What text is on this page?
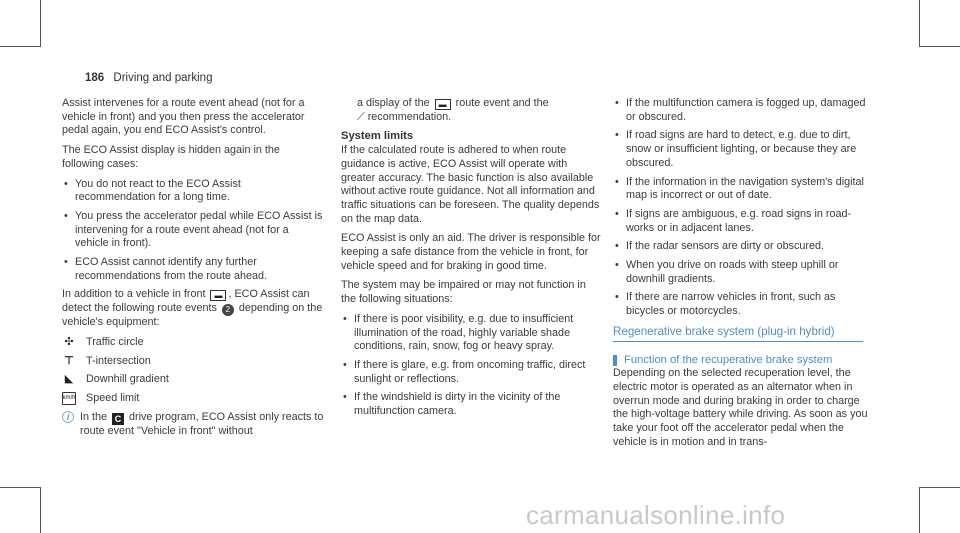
186 Driving and parking
Assist intervenes for a route event ahead (not for a vehicle in front) and you then press the accelerator pedal again, you end ECO Assist's control.
The ECO Assist display is hidden again in the following cases:
• You do not react to the ECO Assist recommendation for a long time.
• You press the accelerator pedal while ECO Assist is intervening for a route event ahead (not for a vehicle in front).
• ECO Assist cannot identify any further recommendations from the route ahead.
In addition to a vehicle in front ▬ , ECO Assist can detect the following route events 2 depending on the vehicle's equipment:
✣ Traffic circle
⊤ T-intersection
◣ Downhill gradient
km/h Speed limit
i In the C drive program, ECO Assist only reacts to route event "Vehicle in front" without
a display of the ▬ route event and the
⟋ recommendation.
System limits
If the calculated route is adhered to when route guidance is active, ECO Assist will operate with greater accuracy. The basic function is also available without active route guidance. Not all information and traffic situations can be foreseen. The quality depends on the map data.
ECO Assist is only an aid. The driver is responsible for keeping a safe distance from the vehicle in front, for vehicle speed and for braking in good time.
The system may be impaired or may not function in the following situations:
• If there is poor visibility, e.g. due to insufficient illumination of the road, highly variable shade conditions, rain, snow, fog or heavy spray.
• If there is glare, e.g. from oncoming traffic, direct sunlight or reflections.
• If the windshield is dirty in the vicinity of the multifunction camera.
• If the multifunction camera is fogged up, damaged or obscured.
• If road signs are hard to detect, e.g. due to dirt, snow or insufficient lighting, or because they are obscured.
• If the information in the navigation system's digital map is incorrect or out of date.
• If signs are ambiguous, e.g. road signs in road-works or in adjacent lanes.
• If the radar sensors are dirty or obscured.
• When you drive on roads with steep uphill or downhill gradients.
• If there are narrow vehicles in front, such as bicycles or motorcycles.
Regenerative brake system (plug-in hybrid)
Function of the recuperative brake system
Depending on the selected recuperation level, the electric motor is operated as an alternator when in overrun mode and during braking in order to charge the high-voltage battery while driving. As soon as you take your foot off the accelerator pedal when the vehicle is in motion and in trans-
carmanualsonline.info
